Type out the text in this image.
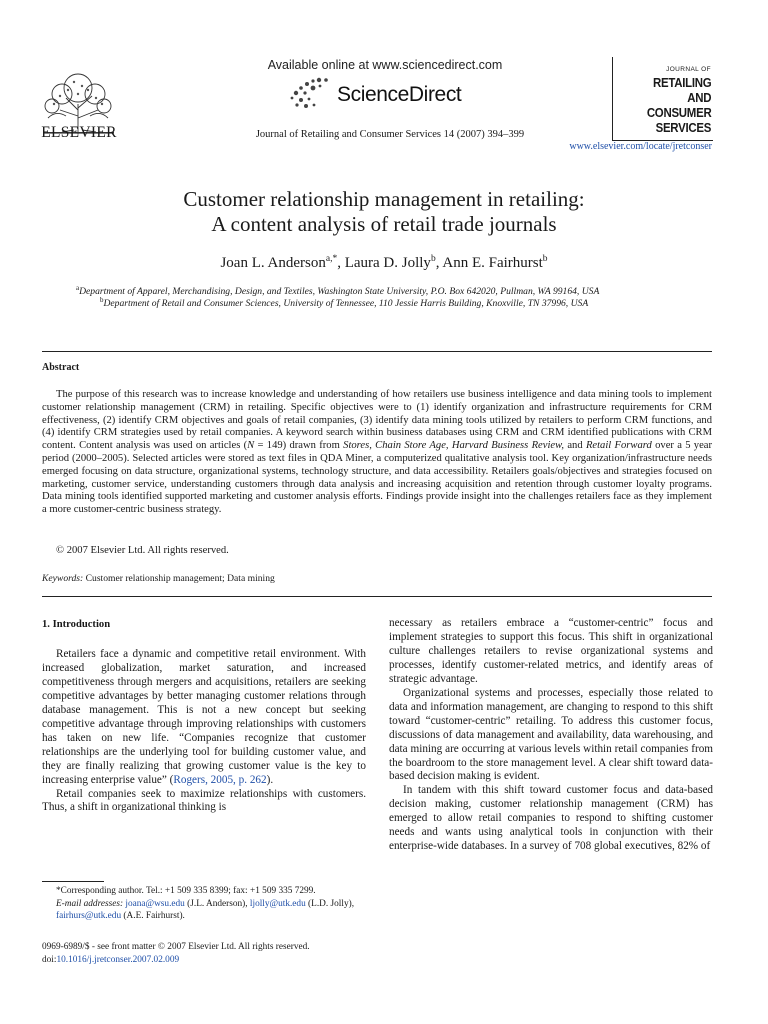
ELSEVIER
Available online at www.sciencedirect.com
ScienceDirect
Journal of Retailing and Consumer Services 14 (2007) 394–399
JOURNAL OF
RETAILING
AND
CONSUMER
SERVICES
www.elsevier.com/locate/jretconser
Customer relationship management in retailing:
A content analysis of retail trade journals
Joan L. Anderson$^{a,*}$, Laura D. Jolly$^b$, Ann E. Fairhurst$^b$
$^a$Department of Apparel, Merchandising, Design, and Textiles, Washington State University, P.O. Box 642020, Pullman, WA 99164, USA
$^b$Department of Retail and Consumer Sciences, University of Tennessee, 110 Jessie Harris Building, Knoxville, TN 37996, USA
Abstract
The purpose of this research was to increase knowledge and understanding of how retailers use business intelligence and data mining tools to implement customer relationship management (CRM) in retailing. Specific objectives were to (1) identify organization and infrastructure requirements for CRM effectiveness, (2) identify CRM objectives and goals of retail companies, (3) identify data mining tools utilized by retailers to perform CRM functions, and (4) identify CRM strategies used by retail companies. A keyword search within business databases using CRM and CRM identified publications with CRM content. Content analysis was used on articles (N = 149) drawn from Stores, Chain Store Age, Harvard Business Review, and Retail Forward over a 5 year period (2000–2005). Selected articles were stored as text files in QDA Miner, a computerized qualitative analysis tool. Key organization/infrastructure needs emerged focusing on data structure, organizational systems, technology structure, and data accessibility. Retailers goals/objectives and strategies focused on marketing, customer service, understanding customers through data analysis and increasing acquisition and retention through customer loyalty programs. Data mining tools identified supported marketing and customer analysis efforts. Findings provide insight into the challenges retailers face as they implement a more customer-centric business strategy.
© 2007 Elsevier Ltd. All rights reserved.
Keywords: Customer relationship management; Data mining
1. Introduction

Retailers face a dynamic and competitive retail environment. With increased globalization, market saturation, and increased competitiveness through mergers and acquisitions, retailers are seeking competitive advantages by better managing customer relations through database management. This is not a new concept but seeking competitive advantage through improving relationships with customers has taken on new life. “Companies recognize that customer relationships are the underlying tool for building customer value, and they are finally realizing that growing customer value is the key to increasing enterprise value” (Rogers, 2005, p. 262).

Retail companies seek to maximize relationships with customers. Thus, a shift in organizational thinking is

*Corresponding author. Tel.: +1 509 335 8399; fax: +1 509 335 7299.
E-mail addresses: joana@wsu.edu (J.L. Anderson), ljolly@utk.edu (L.D. Jolly), fairhurs@utk.edu (A.E. Fairhurst).
0969-6989/$ - see front matter © 2007 Elsevier Ltd. All rights reserved.
doi:10.1016/j.jretconser.2007.02.009

necessary as retailers embrace a “customer-centric” focus and implement strategies to support this focus. This shift in organizational culture challenges retailers to revise organizational systems and processes, identify customer-related metrics, and identify areas of strategic advantage.

Organizational systems and processes, especially those related to data and information management, are changing to respond to this shift toward “customer-centric” retailing. To address this customer focus, discussions of data management and availability, data warehousing, and data mining are occurring at various levels within retail companies from the boardroom to the store management level. A clear shift toward data-based decision making is evident.

In tandem with this shift toward customer focus and data-based decision making, customer relationship management (CRM) has emerged to allow retail companies to respond to shifting customer needs and wants using analytical tools in conjunction with their enterprise-wide databases. In a survey of 708 global executives, 82% of
